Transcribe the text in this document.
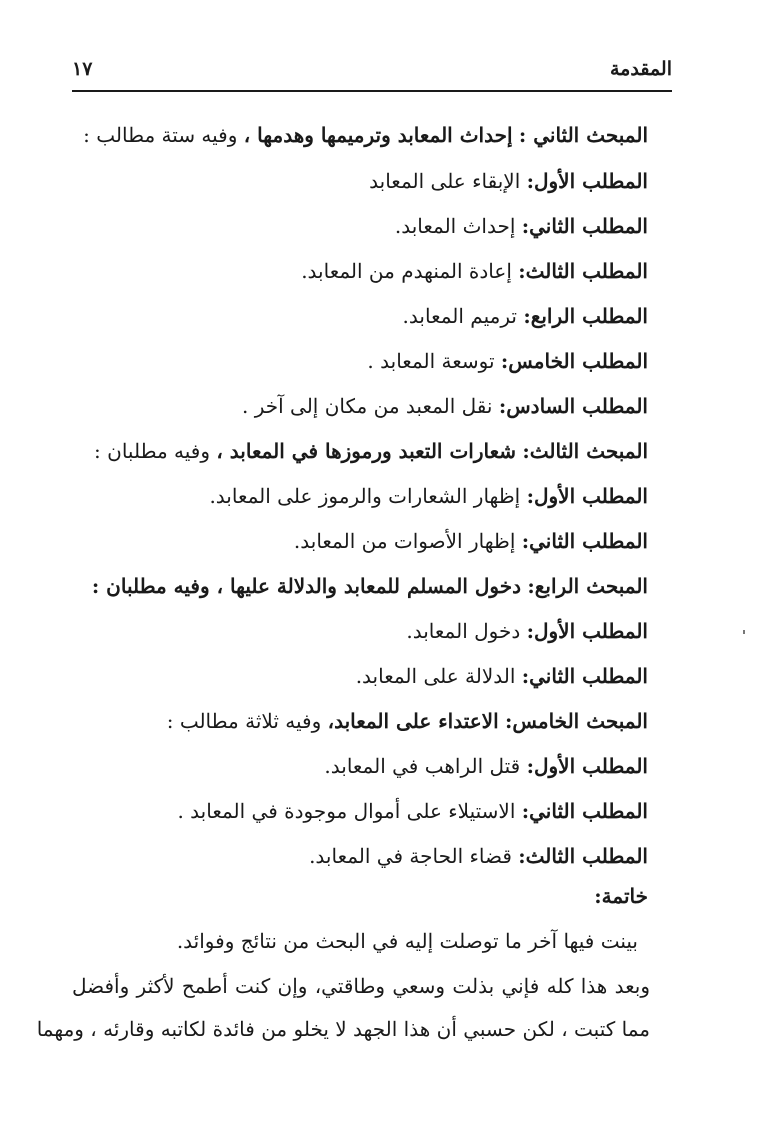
المقدمة
١٧
المبحث الثاني : إحداث المعابد وترميمها وهدمها ، وفيه ستة مطالب :
المطلب الأول: الإبقاء على المعابد
المطلب الثاني: إحداث المعابد.
المطلب الثالث: إعادة المنهدم من المعابد.
المطلب الرابع: ترميم المعابد.
المطلب الخامس: توسعة المعابد .
المطلب السادس: نقل المعبد من مكان إلى آخر .
المبحث الثالث: شعارات التعبد ورموزها في المعابد ، وفيه مطلبان :
المطلب الأول: إظهار الشعارات والرموز على المعابد.
المطلب الثاني: إظهار الأصوات من المعابد.
المبحث الرابع: دخول المسلم للمعابد والدلالة عليها ، وفيه مطلبان :
المطلب الأول: دخول المعابد.
المطلب الثاني: الدلالة على المعابد.
المبحث الخامس: الاعتداء على المعابد، وفيه ثلاثة مطالب :
المطلب الأول: قتل الراهب في المعابد.
المطلب الثاني: الاستيلاء على أموال موجودة في المعابد .
المطلب الثالث: قضاء الحاجة في المعابد.
خاتمة:
بينت فيها آخر ما توصلت إليه في البحث من نتائج وفوائد.
وبعد هذا كله فإني بذلت وسعي وطاقتي، وإن كنت أطمح لأكثر وأفضل
مما كتبت ، لكن حسبي أن هذا الجهد لا يخلو من فائدة لكاتبه وقارئه ، ومهما
